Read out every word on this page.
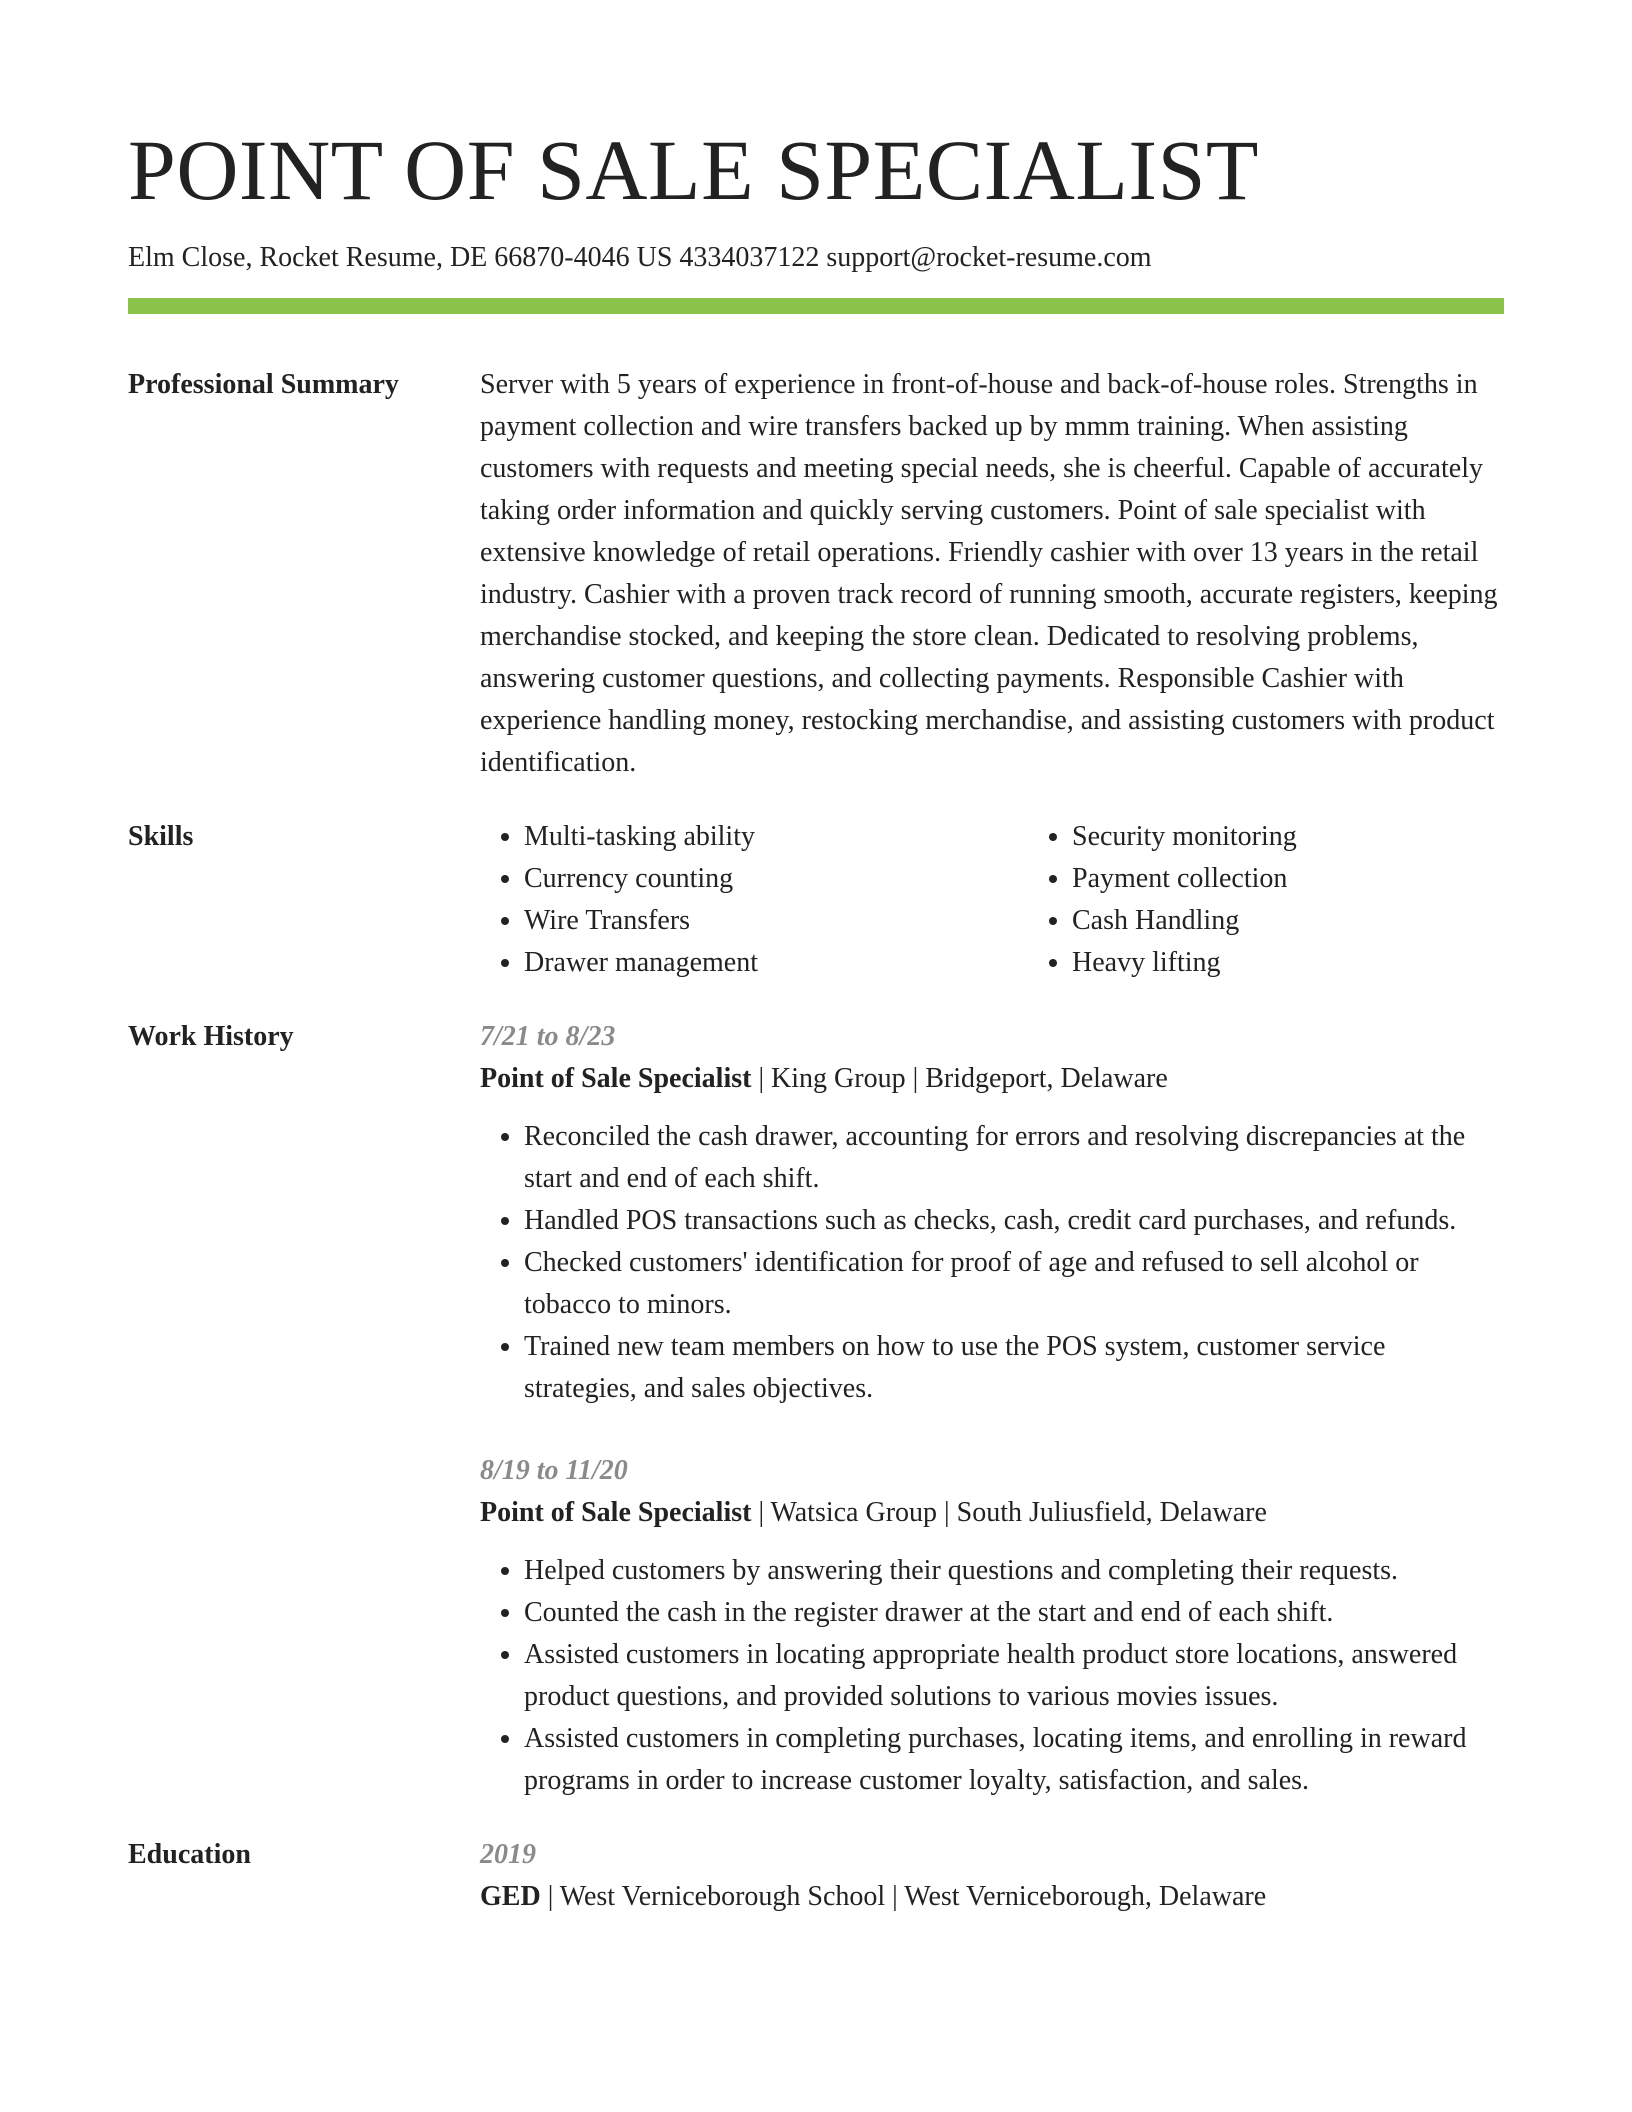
POINT OF SALE SPECIALIST
Elm Close, Rocket Resume, DE 66870-4046 US 4334037122 support@rocket-resume.com
Professional Summary	Server with 5 years of experience in front-of-house and back-of-house roles. Strengths in payment collection and wire transfers backed up by mmm training. When assisting customers with requests and meeting special needs, she is cheerful. Capable of accurately taking order information and quickly serving customers. Point of sale specialist with extensive knowledge of retail operations. Friendly cashier with over 13 years in the retail industry. Cashier with a proven track record of running smooth, accurate registers, keeping merchandise stocked, and keeping the store clean. Dedicated to resolving problems, answering customer questions, and collecting payments. Responsible Cashier with experience handling money, restocking merchandise, and assisting customers with product identification.

Skills
•	Multi-tasking ability
• Currency counting
• Wire Transfers
• Drawer management
• Security monitoring
• Payment collection
• Cash Handling
• Heavy lifting
Work History	7/21 to 8/23
Point of Sale Specialist | King Group | Bridgeport, Delaware
• Reconciled the cash drawer, accounting for errors and resolving discrepancies at the start and end of each shift.
• Handled POS transactions such as checks, cash, credit card purchases, and refunds.
• Checked customers' identification for proof of age and refused to sell alcohol or tobacco to minors.
• Trained new team members on how to use the POS system, customer service strategies, and sales objectives.
8/19 to 11/20
Point of Sale Specialist | Watsica Group | South Juliusfield, Delaware
• Helped customers by answering their questions and completing their requests.
• Counted the cash in the register drawer at the start and end of each shift.
• Assisted customers in locating appropriate health product store locations, answered product questions, and provided solutions to various movies issues.
• Assisted customers in completing purchases, locating items, and enrolling in reward programs in order to increase customer loyalty, satisfaction, and sales.
Education	2019
GED | West Verniceborough School | West Verniceborough, Delaware
